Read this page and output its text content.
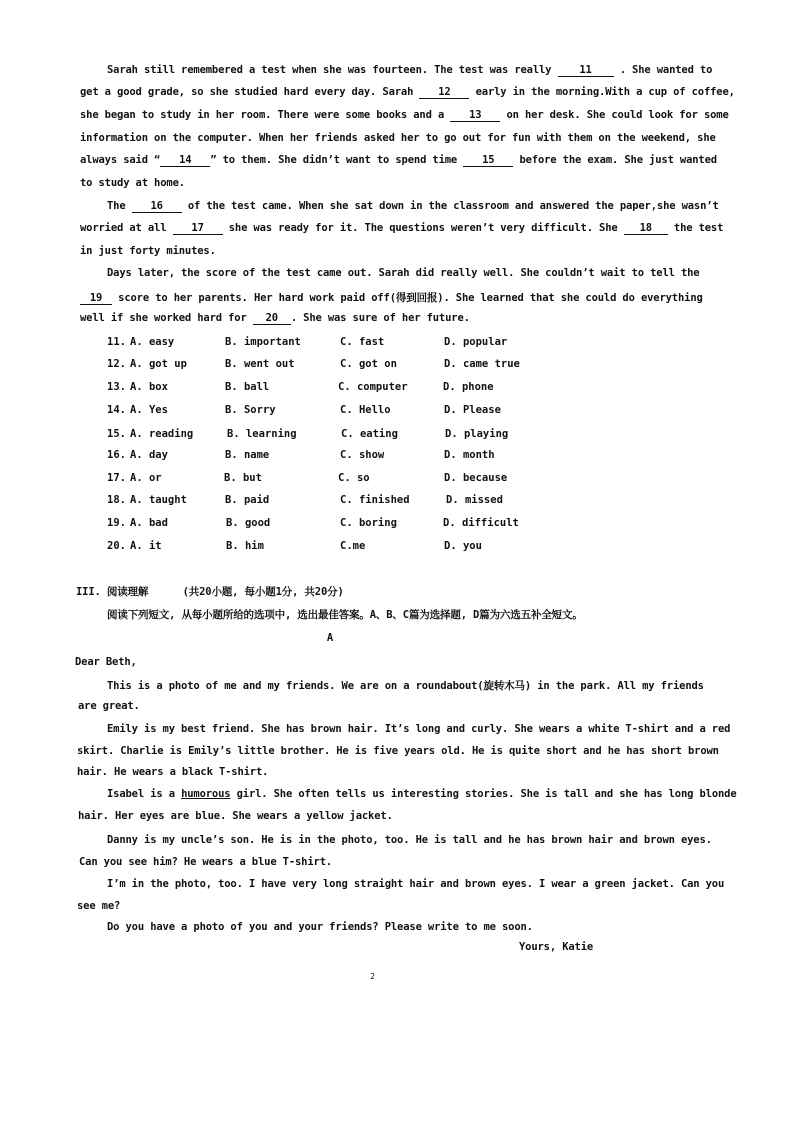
Sarah still remembered a test when she was fourteen. The test was really	11	. She wanted to
get a good grade, so she studied hard every day. Sarah 12 early in the morning.With a cup of coffee,
she began to study in her room. There were some books and a 13 on her desk. She could look for some
information on the computer. When her friends asked her to go out for fun with them on the weekend, she
always said “ 14 ” to them. She didn’t want to spend time 15 before the exam. She just wanted
to study at home.
The 16 of the test came. When she sat down in the classroom and answered the paper,she wasn’t
worried at all 17 she was ready for it. The questions weren’t very difficult. She 18 the test
in just forty minutes.
Days later, the score of the test came out. Sarah did really well. She couldn’t wait to tell the
19 score to her parents. Her hard work paid off(得到回报). She learned that she could do everything
well if she worked hard for 20 . She was sure of her future.
11. A. easy	B. important	C. fast	D. popular
12. A. got up	B. went out	C. got on	D. came true
13. A. box	B. ball	C. computer	D. phone
14. A. Yes	B. Sorry	C. Hello	D. Please
15. A. reading	B. learning	C. eating	D. playing
16. A. day	B. name	C. show	D. month
17. A. or	B. but	C. so	D. because
18. A. taught	B. paid	C. finished	D. missed
19. A. bad	B. good	C. boring	D. difficult
20. A. it	B. him	C.me	D. you
III. 阅读理解	(共20小题, 每小题1分, 共20分)
阅读下列短文, 从每小题所给的选项中, 选出最佳答案。A、B、C篇为选择题, D篇为六选五补全短文。
A
Dear Beth,
This is a photo of me and my friends. We are on a roundabout(旋转木马) in the park. All my friends
are great.
Emily is my best friend. She has brown hair. It’s long and curly. She wears a white T-shirt and a red
skirt. Charlie is Emily’s little brother. He is five years old. He is quite short and he has short brown
hair. He wears a black T-shirt.
Isabel is a humorous girl. She often tells us interesting stories. She is tall and she has long blonde
hair. Her eyes are blue. She wears a yellow jacket.
Danny is my uncle’s son. He is in the photo, too. He is tall and he has brown hair and brown eyes.
Can you see him? He wears a blue T-shirt.
I’m in the photo, too. I have very long straight hair and brown eyes. I wear a green jacket. Can you
see me?
Do you have a photo of you and your friends? Please write to me soon.
Yours, Katie
2
